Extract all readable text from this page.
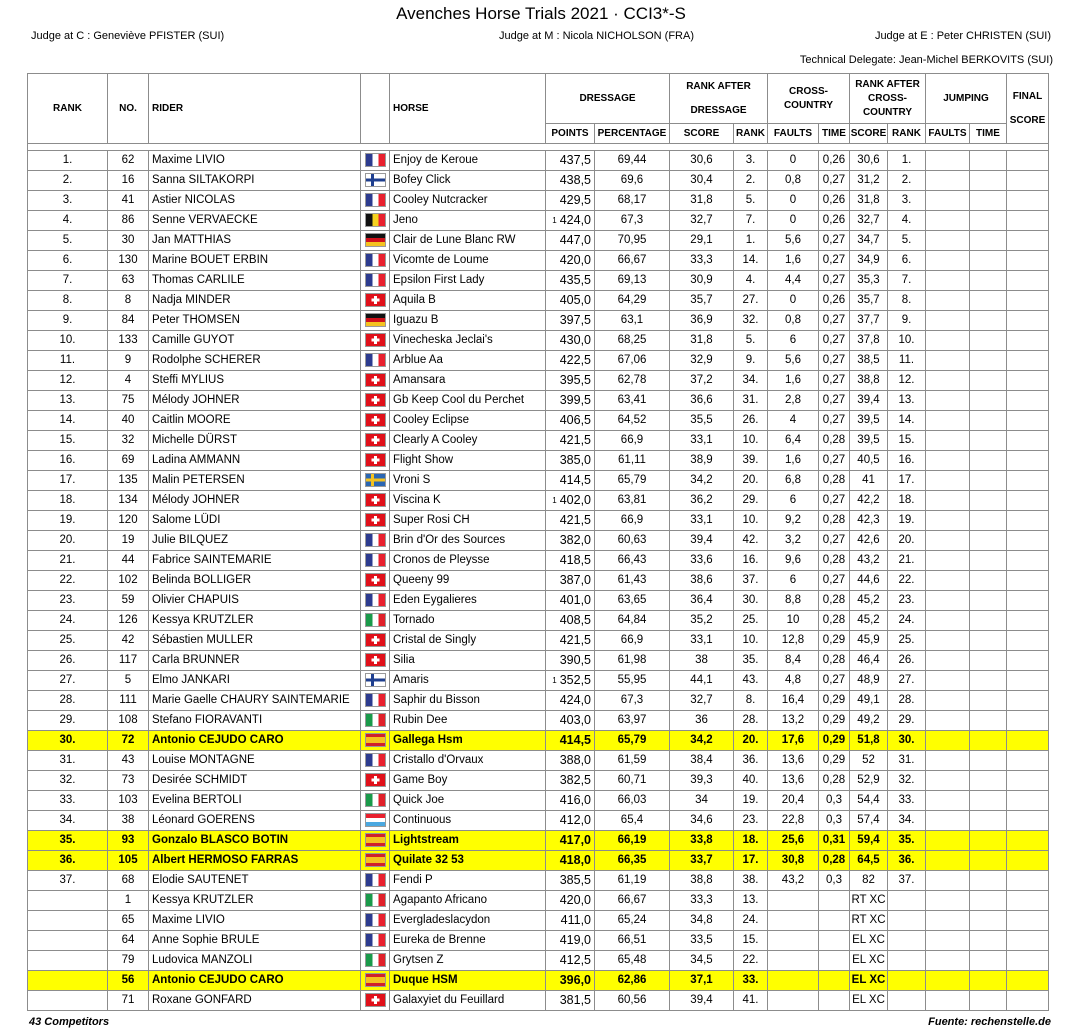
Avenches Horse Trials 2021 · CCI3*-S
Judge at C : Geneviève PFISTER (SUI)	Judge at M : Nicola NICHOLSON (FRA)	Judge at E : Peter CHRISTEN (SUI)
Technical Delegate: Jean-Michel BERKOVITS (SUI)
RANK	NO.	RIDER		HORSE	DRESSAGE		RANK AFTER DRESSAGE		CROSS-COUNTRY		RANK AFTER CROSS-COUNTRY		JUMPING		FINAL SCORE
					POINTS	PERCENTAGE	SCORE	RANK	FAULTS	TIME	SCORE	RANK	FAULTS	TIME	

1.	62	Maxime LIVIO		Enjoy de Keroue	437,5	69,44	30,6	3.	0	0,26	30,6	1.			
2.	16	Sanna SILTAKORPI		Bofey Click	438,5	69,6	30,4	2.	0,8	0,27	31,2	2.			
3.	41	Astier NICOLAS		Cooley Nutcracker	429,5	68,17	31,8	5.	0	0,26	31,8	3.			
4.	86	Senne VERVAECKE		Jeno	$^1$ 424,0	67,3	32,7	7.	0	0,26	32,7	4.			
5.	30	Jan MATTHIAS		Clair de Lune Blanc RW	447,0	70,95	29,1	1.	5,6	0,27	34,7	5.			
6.	130	Marine BOUET ERBIN		Vicomte de Loume	420,0	66,67	33,3	14.	1,6	0,27	34,9	6.			
7.	63	Thomas CARLILE		Epsilon First Lady	435,5	69,13	30,9	4.	4,4	0,27	35,3	7.			
8.	8	Nadja MINDER		Aquila B	405,0	64,29	35,7	27.	0	0,26	35,7	8.			
9.	84	Peter THOMSEN		Iguazu B	397,5	63,1	36,9	32.	0,8	0,27	37,7	9.			
10.	133	Camille GUYOT		Vinecheska Jeclai's	430,0	68,25	31,8	5.	6	0,27	37,8	10.			
11.	9	Rodolphe SCHERER		Arblue Aa	422,5	67,06	32,9	9.	5,6	0,27	38,5	11.			
12.	4	Steffi MYLIUS		Amansara	395,5	62,78	37,2	34.	1,6	0,27	38,8	12.			
13.	75	Mélody JOHNER		Gb Keep Cool du Perchet	399,5	63,41	36,6	31.	2,8	0,27	39,4	13.			
14.	40	Caitlin MOORE		Cooley Eclipse	406,5	64,52	35,5	26.	4	0,27	39,5	14.			
15.	32	Michelle DÜRST		Clearly A Cooley	421,5	66,9	33,1	10.	6,4	0,28	39,5	15.			
16.	69	Ladina AMMANN		Flight Show	385,0	61,11	38,9	39.	1,6	0,27	40,5	16.			
17.	135	Malin PETERSEN		Vroni S	414,5	65,79	34,2	20.	6,8	0,28	41	17.			
18.	134	Mélody JOHNER		Viscina K	$^1$ 402,0	63,81	36,2	29.	6	0,27	42,2	18.			
19.	120	Salome LÜDI		Super Rosi CH	421,5	66,9	33,1	10.	9,2	0,28	42,3	19.			
20.	19	Julie BILQUEZ		Brin d'Or des Sources	382,0	60,63	39,4	42.	3,2	0,27	42,6	20.			
21.	44	Fabrice SAINTEMARIE		Cronos de Pleysse	418,5	66,43	33,6	16.	9,6	0,28	43,2	21.			
22.	102	Belinda BOLLIGER		Queeny 99	387,0	61,43	38,6	37.	6	0,27	44,6	22.			
23.	59	Olivier CHAPUIS		Eden Eygalieres	401,0	63,65	36,4	30.	8,8	0,28	45,2	23.			
24.	126	Kessya KRUTZLER		Tornado	408,5	64,84	35,2	25.	10	0,28	45,2	24.			
25.	42	Sébastien MULLER		Cristal de Singly	421,5	66,9	33,1	10.	12,8	0,29	45,9	25.			
26.	117	Carla BRUNNER		Silia	390,5	61,98	38	35.	8,4	0,28	46,4	26.			
27.	5	Elmo JANKARI		Amaris	$^1$ 352,5	55,95	44,1	43.	4,8	0,27	48,9	27.			
28.	111	Marie Gaelle CHAURY SAINTEMARIE		Saphir du Bisson	424,0	67,3	32,7	8.	16,4	0,29	49,1	28.			
29.	108	Stefano FIORAVANTI		Rubin Dee	403,0	63,97	36	28.	13,2	0,29	49,2	29.			
30.	72	Antonio CEJUDO CARO		Gallega Hsm	414,5	65,79	34,2	20.	17,6	0,29	51,8	30.			
31.	43	Louise MONTAGNE		Cristallo d'Orvaux	388,0	61,59	38,4	36.	13,6	0,29	52	31.			
32.	73	Desirée SCHMIDT		Game Boy	382,5	60,71	39,3	40.	13,6	0,28	52,9	32.			
33.	103	Evelina BERTOLI		Quick Joe	416,0	66,03	34	19.	20,4	0,3	54,4	33.			
34.	38	Léonard GOERENS		Continuous	412,0	65,4	34,6	23.	22,8	0,3	57,4	34.			
35.	93	Gonzalo BLASCO BOTIN		Lightstream	417,0	66,19	33,8	18.	25,6	0,31	59,4	35.			
36.	105	Albert HERMOSO FARRAS		Quilate 32 53	418,0	66,35	33,7	17.	30,8	0,28	64,5	36.			
37.	68	Elodie SAUTENET		Fendi P	385,5	61,19	38,8	38.	43,2	0,3	82	37.			
	1	Kessya KRUTZLER		Agapanto Africano	420,0	66,67	33,3	13.			RT XC				
	65	Maxime LIVIO		Evergladeslacydon	411,0	65,24	34,8	24.			RT XC				
	64	Anne Sophie BRULE		Eureka de Brenne	419,0	66,51	33,5	15.			EL XC				
	79	Ludovica MANZOLI		Grytsen Z	412,5	65,48	34,5	22.			EL XC				
	56	Antonio CEJUDO CARO		Duque HSM	396,0	62,86	37,1	33.			EL XC				
	71	Roxane GONFARD		Galaxyiet du Feuillard	381,5	60,56	39,4	41.			EL XC				
43 Competitors	Fuente: rechenstelle.de
